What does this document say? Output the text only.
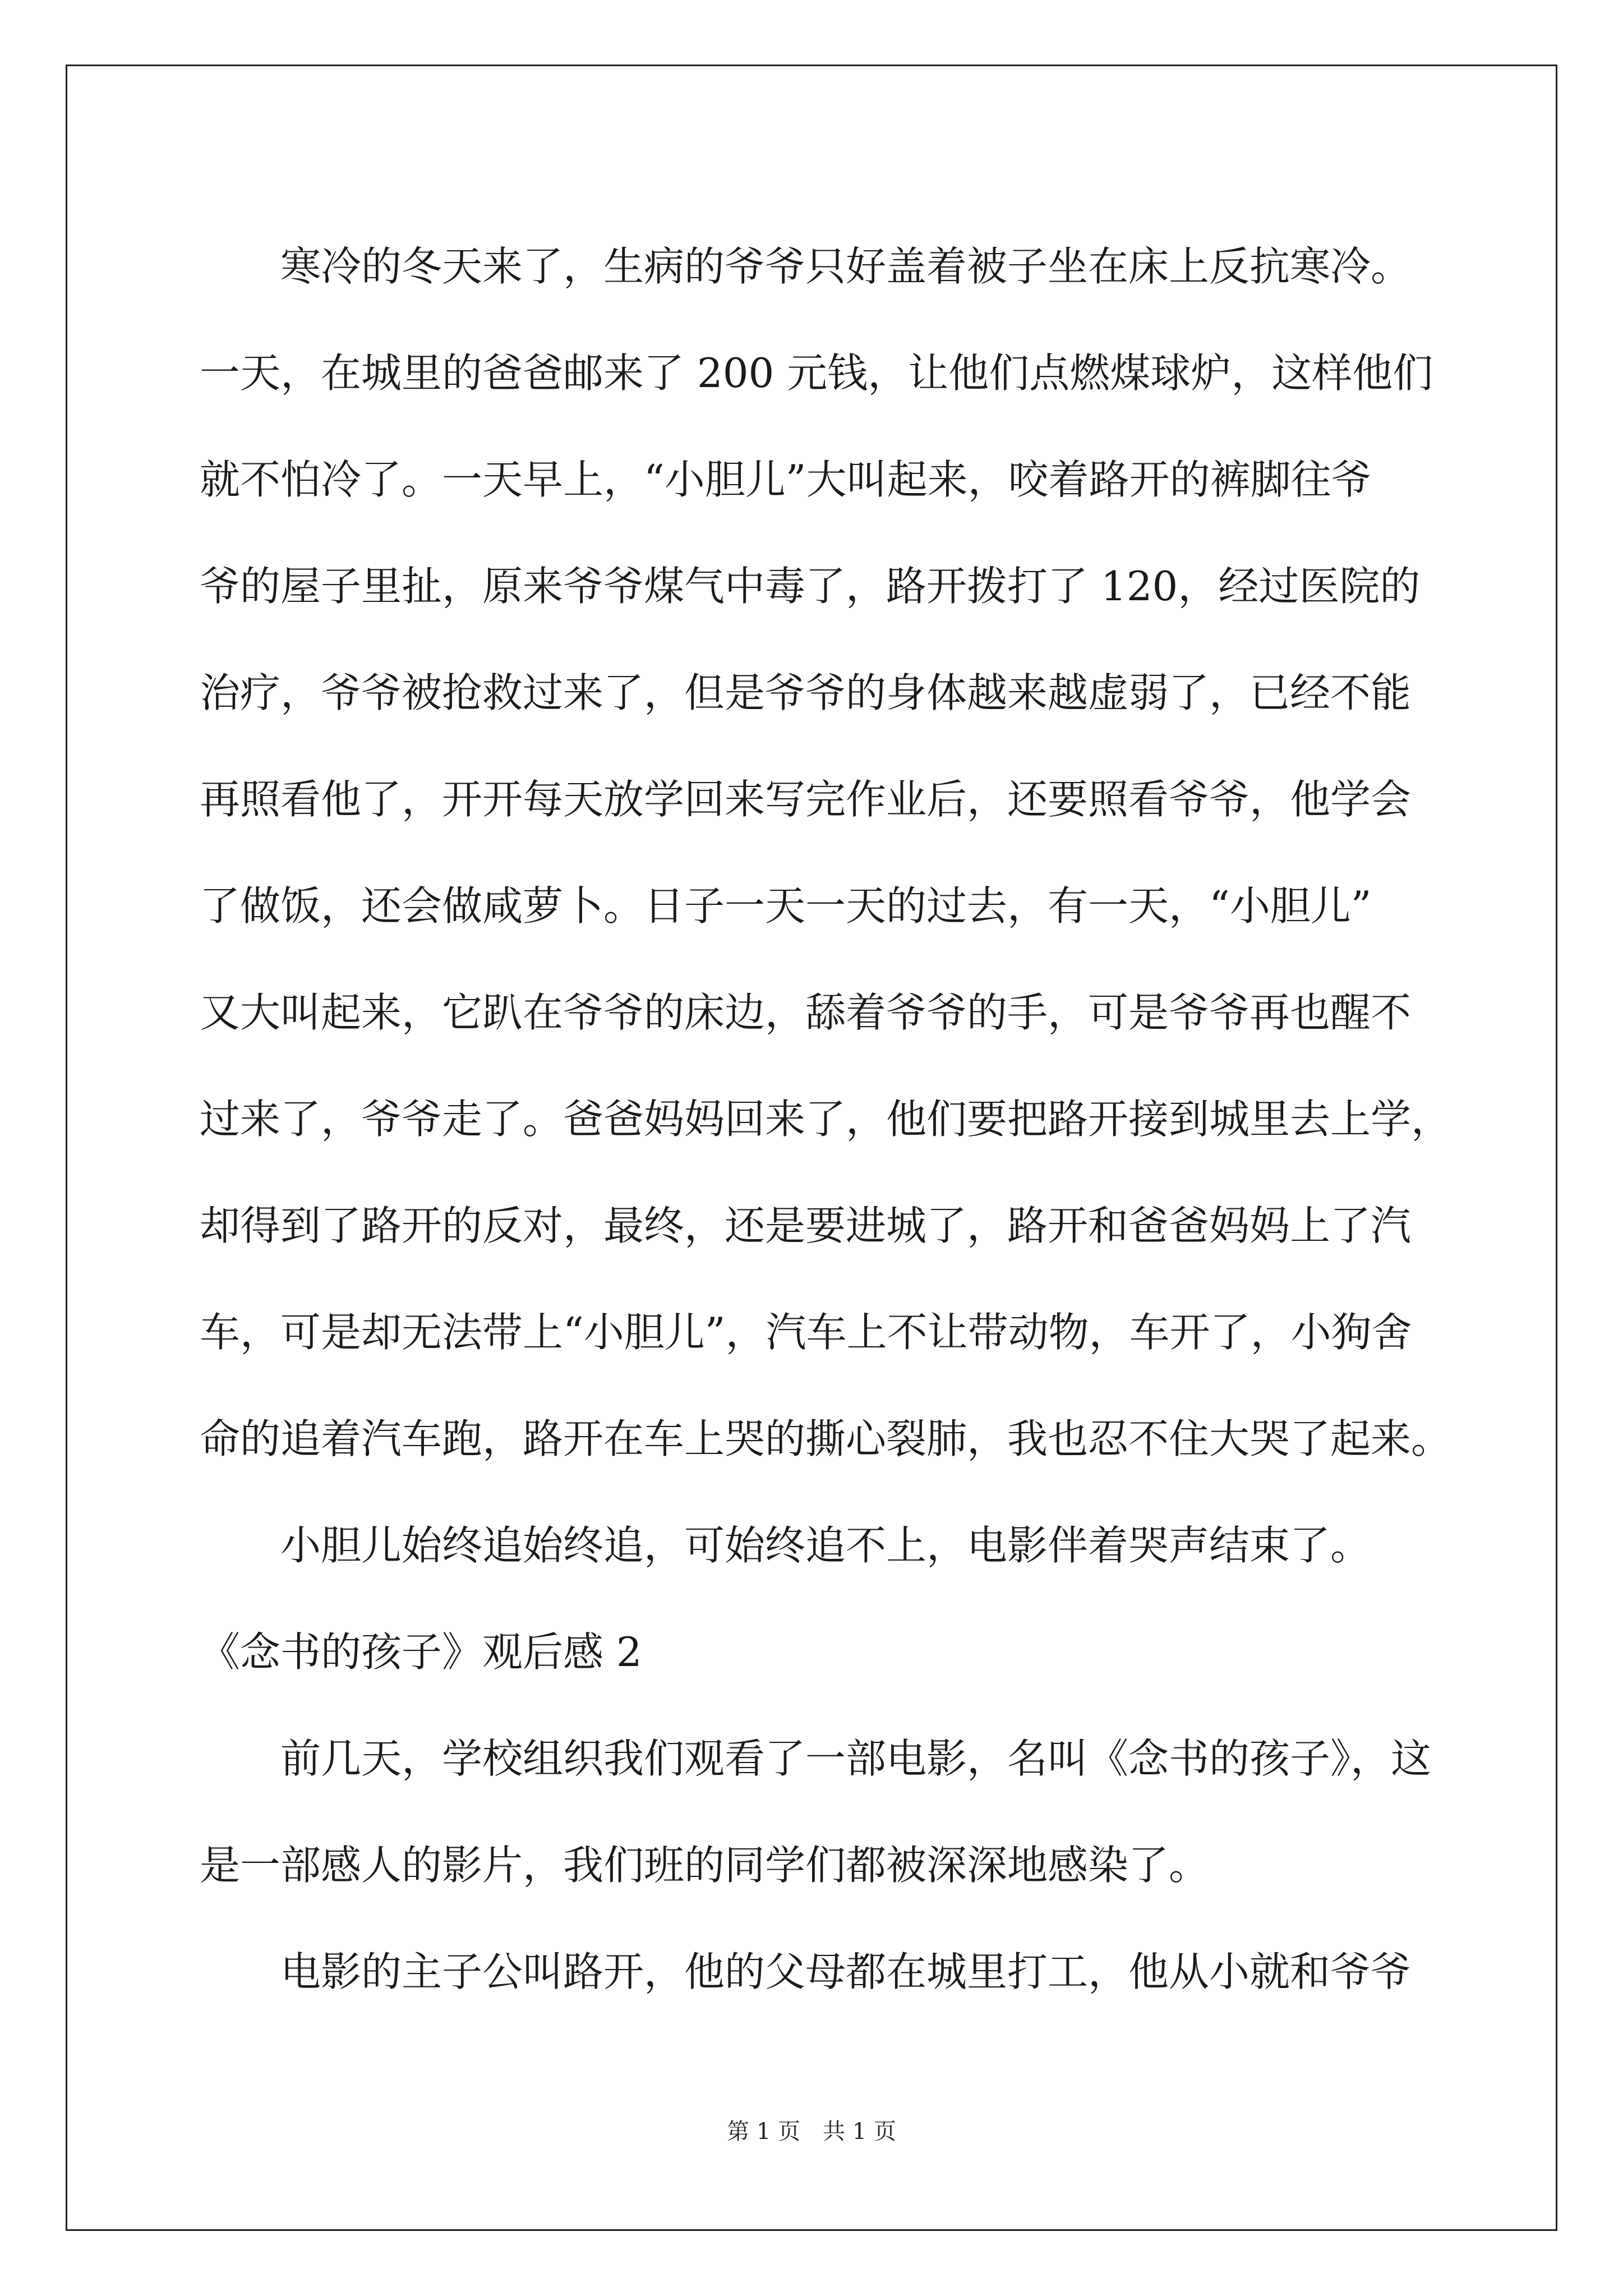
寒冷的冬天来了，生病的爷爷只好盖着被子坐在床上反抗寒冷。
一天，在城里的爸爸邮来了 200 元钱，让他们点燃煤球炉，这样他们
就不怕冷了。一天早上，“小胆儿”大叫起来，咬着路开的裤脚往爷
爷的屋子里扯，原来爷爷煤气中毒了，路开拨打了 120，经过医院的
治疗，爷爷被抢救过来了，但是爷爷的身体越来越虚弱了，已经不能
再照看他了，开开每天放学回来写完作业后，还要照看爷爷，他学会
了做饭，还会做咸萝卜。日子一天一天的过去，有一天，“小胆儿”
又大叫起来，它趴在爷爷的床边，舔着爷爷的手，可是爷爷再也醒不
过来了，爷爷走了。爸爸妈妈回来了，他们要把路开接到城里去上学，
却得到了路开的反对，最终，还是要进城了，路开和爸爸妈妈上了汽
车，可是却无法带上“小胆儿”，汽车上不让带动物，车开了，小狗舍
命的追着汽车跑，路开在车上哭的撕心裂肺，我也忍不住大哭了起来。
小胆儿始终追始终追，可始终追不上，电影伴着哭声结束了。
《念书的孩子》观后感 2
前几天，学校组织我们观看了一部电影，名叫《念书的孩子》，这
是一部感人的影片，我们班的同学们都被深深地感染了。
电影的主子公叫路开，他的父母都在城里打工，他从小就和爷爷
第 1 页　共 1 页
